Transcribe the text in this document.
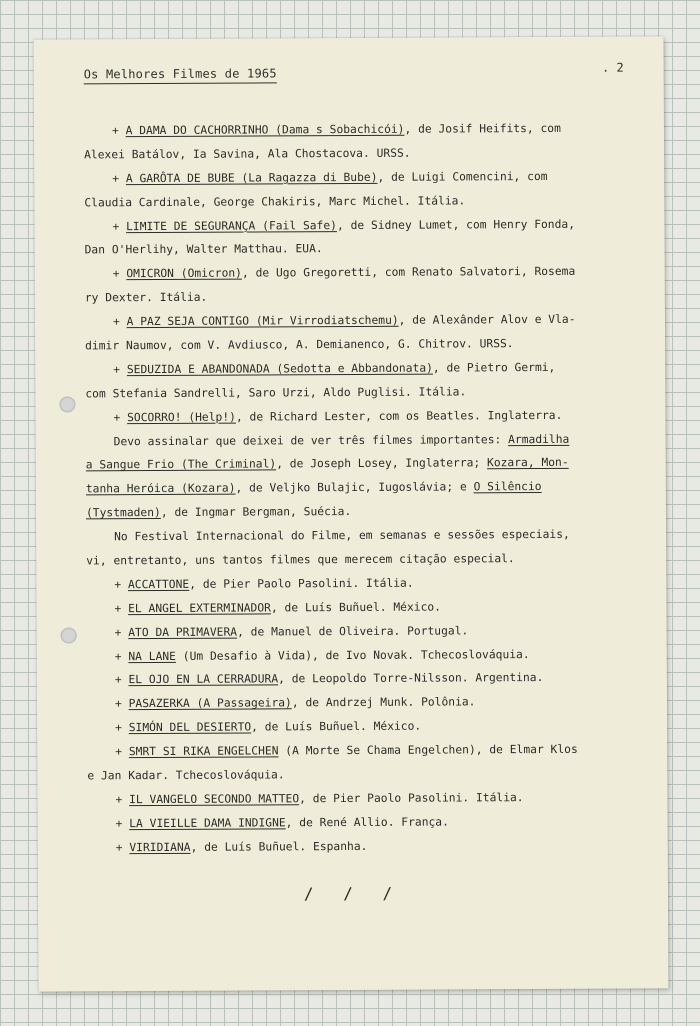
Os Melhores Filmes de 1965	. 2
+ A DAMA DO CACHORRINHO (Dama s Sobachicói), de Josif Heifits, com
Alexei Batálov, Ia Savina, Ala Chostacova. URSS.
+ A GARÔTA DE BUBE (La Ragazza di Bube), de Luigi Comencini, com
Claudia Cardinale, George Chakiris, Marc Michel. Itália.
+ LIMITE DE SEGURANÇA (Fail Safe), de Sidney Lumet, com Henry Fonda,
Dan O'Herlihy, Walter Matthau. EUA.
+ OMICRON (Omicron), de Ugo Gregoretti, com Renato Salvatori, Rosema
ry Dexter. Itália.
+ A PAZ SEJA CONTIGO (Mir Virrodiatschemu), de Alexânder Alov e Vla-
dimir Naumov, com V. Avdiusco, A. Demianenco, G. Chitrov. URSS.
+ SEDUZIDA E ABANDONADA (Sedotta e Abbandonata), de Pietro Germi,
com Stefania Sandrelli, Saro Urzi, Aldo Puglisi. Itália.
+ SOCORRO! (Help!), de Richard Lester, com os Beatles. Inglaterra.
Devo assinalar que deixei de ver três filmes importantes: Armadilha
a Sangue Frio (The Criminal), de Joseph Losey, Inglaterra; Kozara, Mon-
tanha Heróica (Kozara), de Veljko Bulajic, Iugoslávia; e O Silêncio
(Tystmaden), de Ingmar Bergman, Suécia.
No Festival Internacional do Filme, em semanas e sessões especiais,
vi, entretanto, uns tantos filmes que merecem citação especial.
+ ACCATTONE, de Pier Paolo Pasolini. Itália.
+ EL ANGEL EXTERMINADOR, de Luís Buñuel. México.
+ ATO DA PRIMAVERA, de Manuel de Oliveira. Portugal.
+ NA LANE (Um Desafio à Vida), de Ivo Novak. Tchecoslováquia.
+ EL OJO EN LA CERRADURA, de Leopoldo Torre-Nilsson. Argentina.
+ PASAZERKA (A Passageira), de Andrzej Munk. Polônia.
+ SIMÓN DEL DESIERTO, de Luís Buñuel. México.
+ SMRT SI RIKA ENGELCHEN (A Morte Se Chama Engelchen), de Elmar Klos
e Jan Kadar. Tchecoslováquia.
+ IL VANGELO SECONDO MATTEO, de Pier Paolo Pasolini. Itália.
+ LA VIEILLE DAMA INDIGNE, de René Allio. França.
+ VIRIDIANA, de Luís Buñuel. Espanha.
/ / /
